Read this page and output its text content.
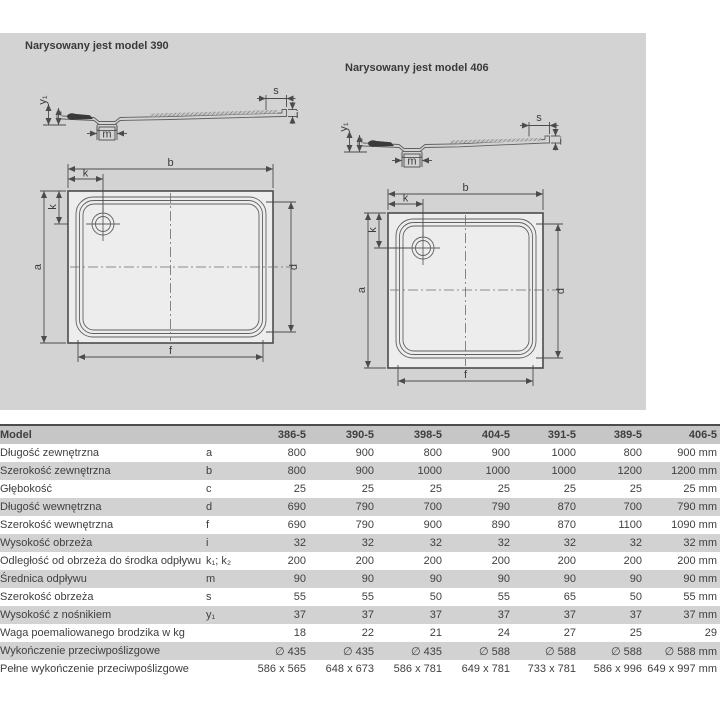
Narysowany jest model 390
Narysowany jest model 406
y₁
m
s
i
y₁
m
s
i
b
k
k
a	d
f
b
k
k
a	d
f
Model		386-5	390-5	398-5	404-5	391-5	389-5	406-5
Długość zewnętrzna	a	800	900	800	900	1000	800	900 mm
Szerokość zewnętrzna	b	800	900	1000	1000	1000	1200	1200 mm
Głębokość	c	25	25	25	25	25	25	25 mm
Długość wewnętrzna	d	690	790	700	790	870	700	790 mm
Szerokość wewnętrzna	f	690	790	900	890	870	1100	1090 mm
Wysokość obrzeża	i	32	32	32	32	32	32	32 mm
Odległość od obrzeża do środka odpływu	k₁; k₂	200	200	200	200	200	200	200 mm
Średnica odpływu	m	90	90	90	90	90	90	90 mm
Szerokość obrzeża	s	55	55	50	55	65	50	55 mm
Wysokość z nośnikiem	y₁	37	37	37	37	37	37	37 mm
Waga poemaliowanego brodzika w kg		18	22	21	24	27	25	29
Wykończenie przeciwpoślizgowe		∅ 435	∅ 435	∅ 435	∅ 588	∅ 588	∅ 588	∅ 588 mm
Pełne wykończenie przeciwpoślizgowe		586 x 565	648 x 673	586 x 781	649 x 781	733 x 781	586 x 996	649 x 997 mm
